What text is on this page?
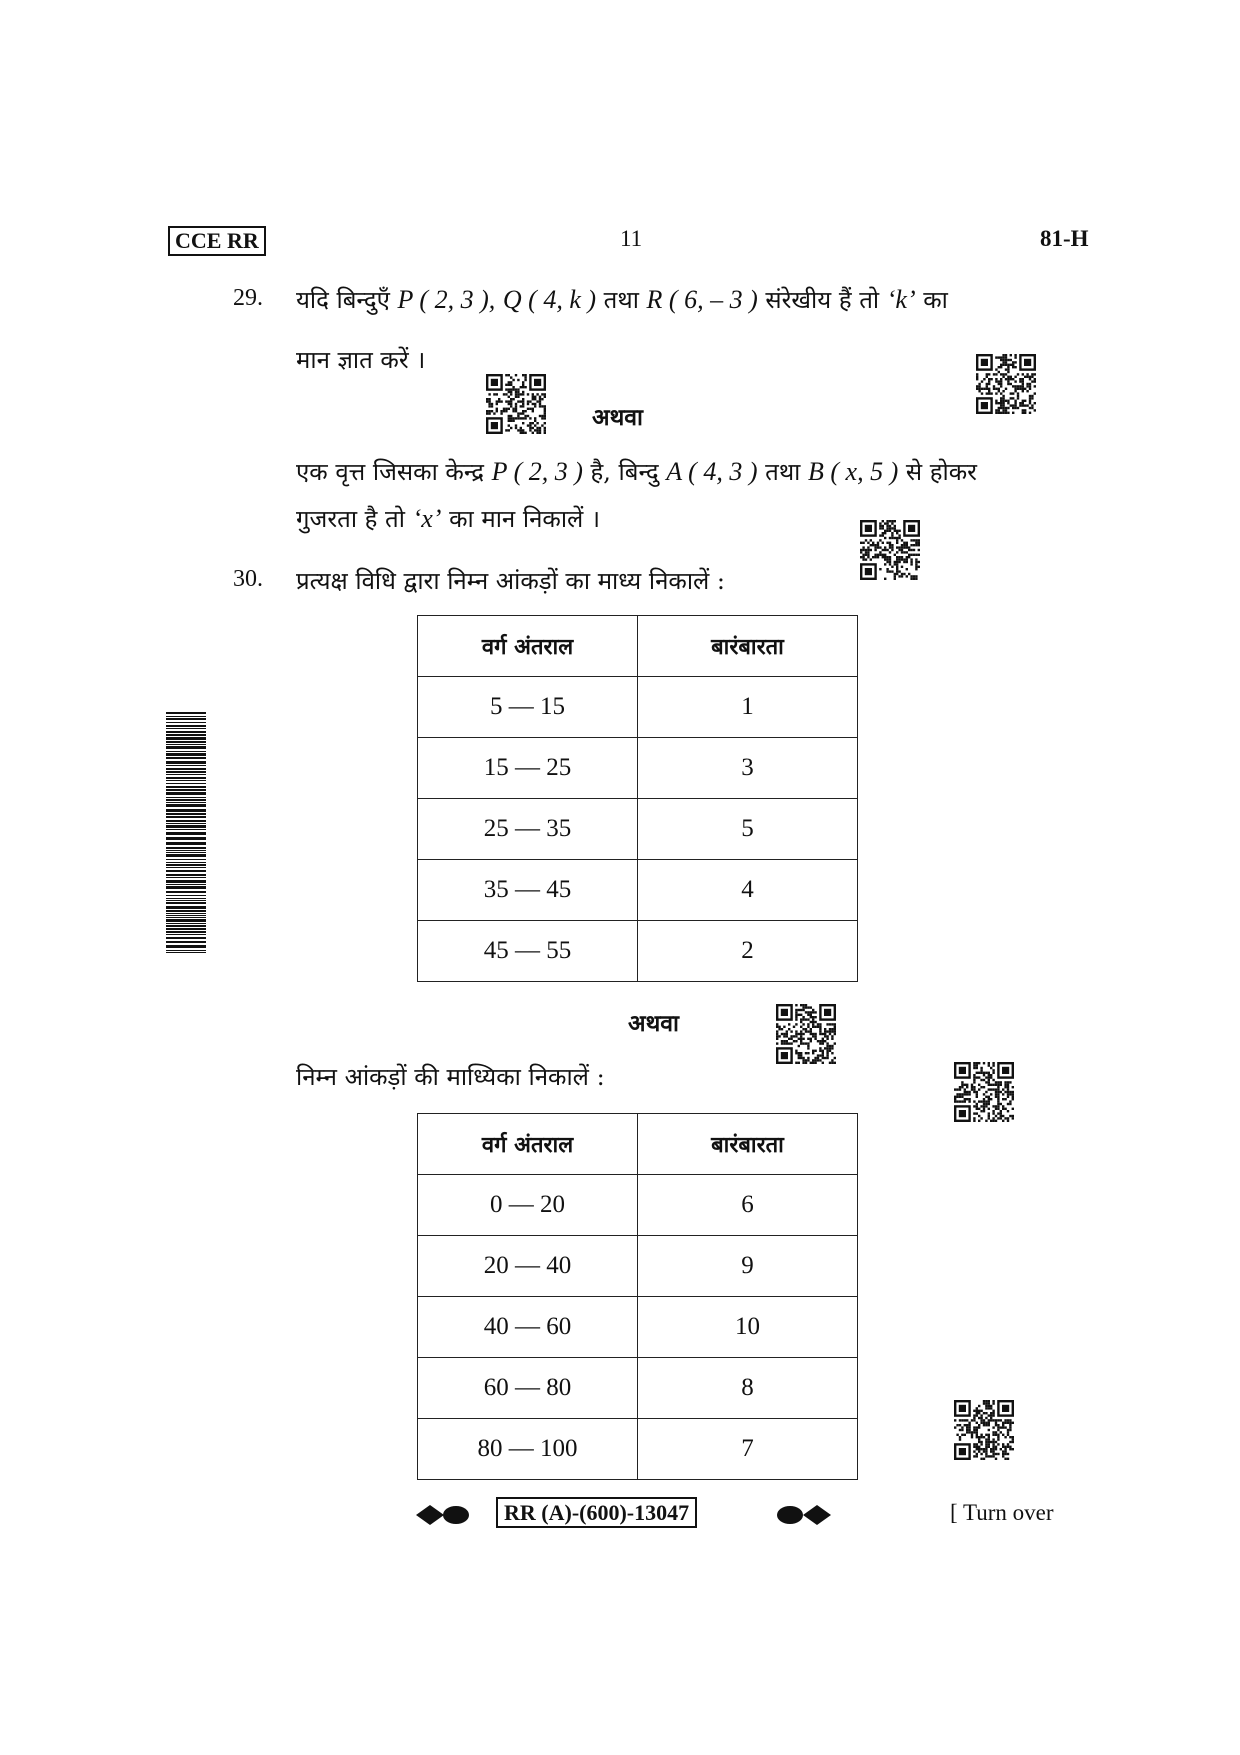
CCE RR	11	81-H
29. यदि बिन्दुएँ P ( 2, 3 ), Q ( 4, k ) तथा R ( 6, – 3 ) संरेखीय हैं तो ‘k’ का
मान ज्ञात करें ।
अथवा
एक वृत्त जिसका केन्द्र P ( 2, 3 ) है, बिन्दु A ( 4, 3 ) तथा B ( x, 5 ) से होकर
गुजरता है तो ‘x’ का मान निकालें ।
30. प्रत्यक्ष विधि द्वारा निम्न आंकड़ों का माध्य निकालें :
वर्ग अंतराल	बारंबारता
5 — 15	1
15 — 25	3
25 — 35	5
35 — 45	4
45 — 55	2
अथवा
निम्न आंकड़ों की माध्यिका निकालें :
वर्ग अंतराल	बारंबारता
0 — 20	6
20 — 40	9
40 — 60	10
60 — 80	8
80 — 100	7
RR (A)-(600)-13047	[ Turn over
